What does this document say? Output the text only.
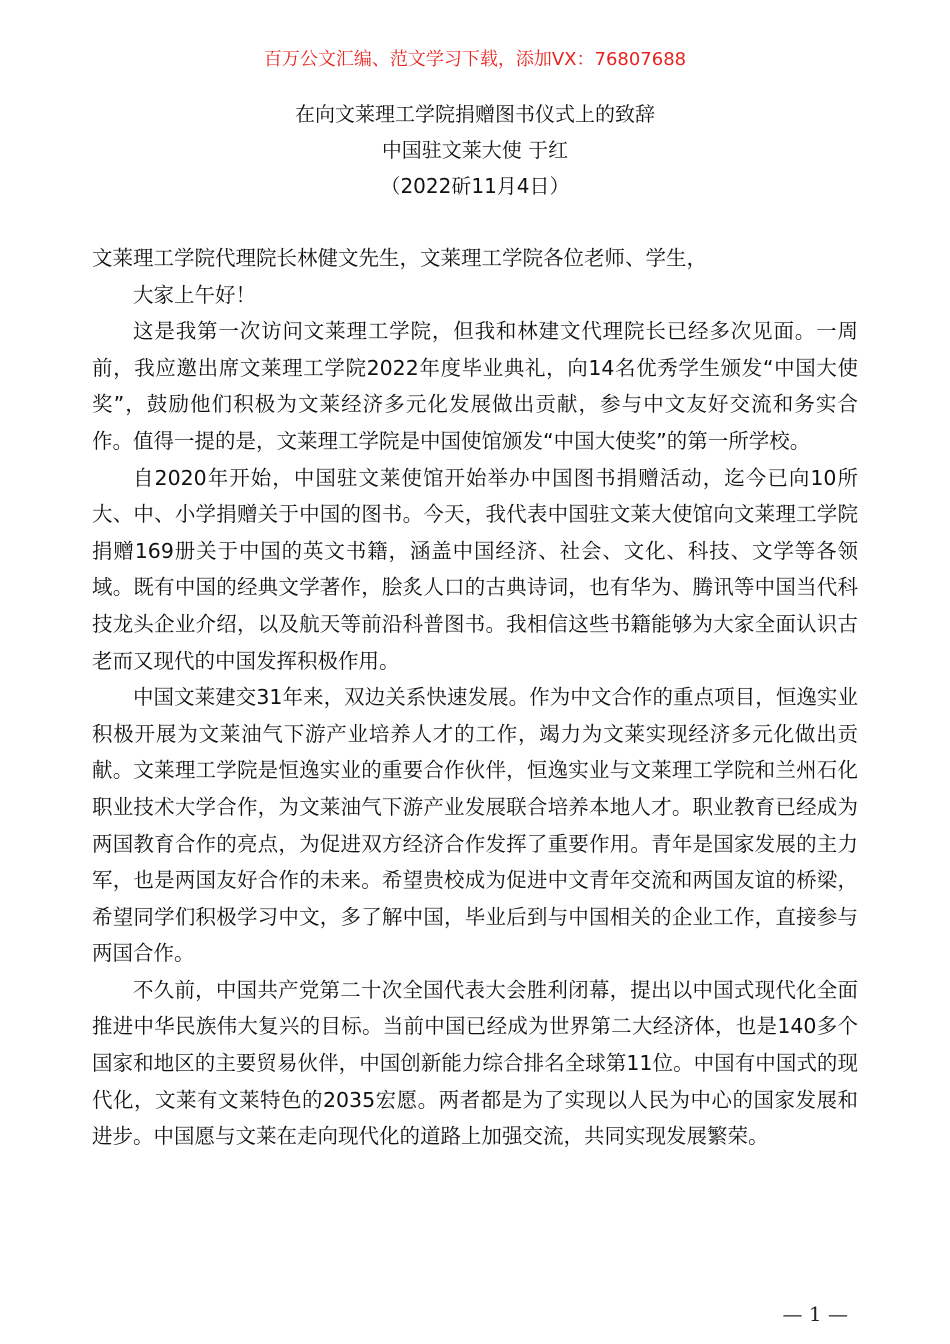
百万公文汇编、范文学习下载，添加VX：76807688
在向文莱理工学院捐赠图书仪式上的致辞
中国驻文莱大使 于红
（2022斫11月4日）

文莱理工学院代理院长林健文先生，文莱理工学院各位老师、学生，

大家上午好！

这是我第一次访问文莱理工学院，但我和林建文代理院长已经多次见面。一周前，我应邀出席文莱理工学院2022年度毕业典礼，向14名优秀学生颁发“中国大使奖”，鼓励他们积极为文莱经济多元化发展做出贡献，参与中文友好交流和务实合作。值得一提的是，文莱理工学院是中国使馆颁发“中国大使奖”的第一所学校。

自2020年开始，中国驻文莱使馆开始举办中国图书捐赠活动，迄今已向10所大、中、小学捐赠关于中国的图书。今天，我代表中国驻文莱大使馆向文莱理工学院捐赠169册关于中国的英文书籍，涵盖中国经济、社会、文化、科技、文学等各领域。既有中国的经典文学著作，脍炙人口的古典诗词，也有华为、腾讯等中国当代科技龙头企业介绍，以及航天等前沿科普图书。我相信这些书籍能够为大家全面认识古老而又现代的中国发挥积极作用。

中国文莱建交31年来，双边关系快速发展。作为中文合作的重点项目，恒逸实业积极开展为文莱油气下游产业培养人才的工作，竭力为文莱实现经济多元化做出贡献。文莱理工学院是恒逸实业的重要合作伙伴，恒逸实业与文莱理工学院和兰州石化职业技术大学合作，为文莱油气下游产业发展联合培养本地人才。职业教育已经成为两国教育合作的亮点，为促进双方经济合作发挥了重要作用。青年是国家发展的主力军，也是两国友好合作的未来。希望贵校成为促进中文青年交流和两国友谊的桥梁，希望同学们积极学习中文，多了解中国，毕业后到与中国相关的企业工作，直接参与两国合作。

不久前，中国共产党第二十次全国代表大会胜利闭幕，提出以中国式现代化全面推进中华民族伟大复兴的目标。当前中国已经成为世界第二大经济体，也是140多个国家和地区的主要贸易伙伴，中国创新能力综合排名全球第11位。中国有中国式的现代化，文莱有文莱特色的2035宏愿。两者都是为了实现以人民为中心的国家发展和进步。中国愿与文莱在走向现代化的道路上加强交流，共同实现发展繁荣。

— 1 —
